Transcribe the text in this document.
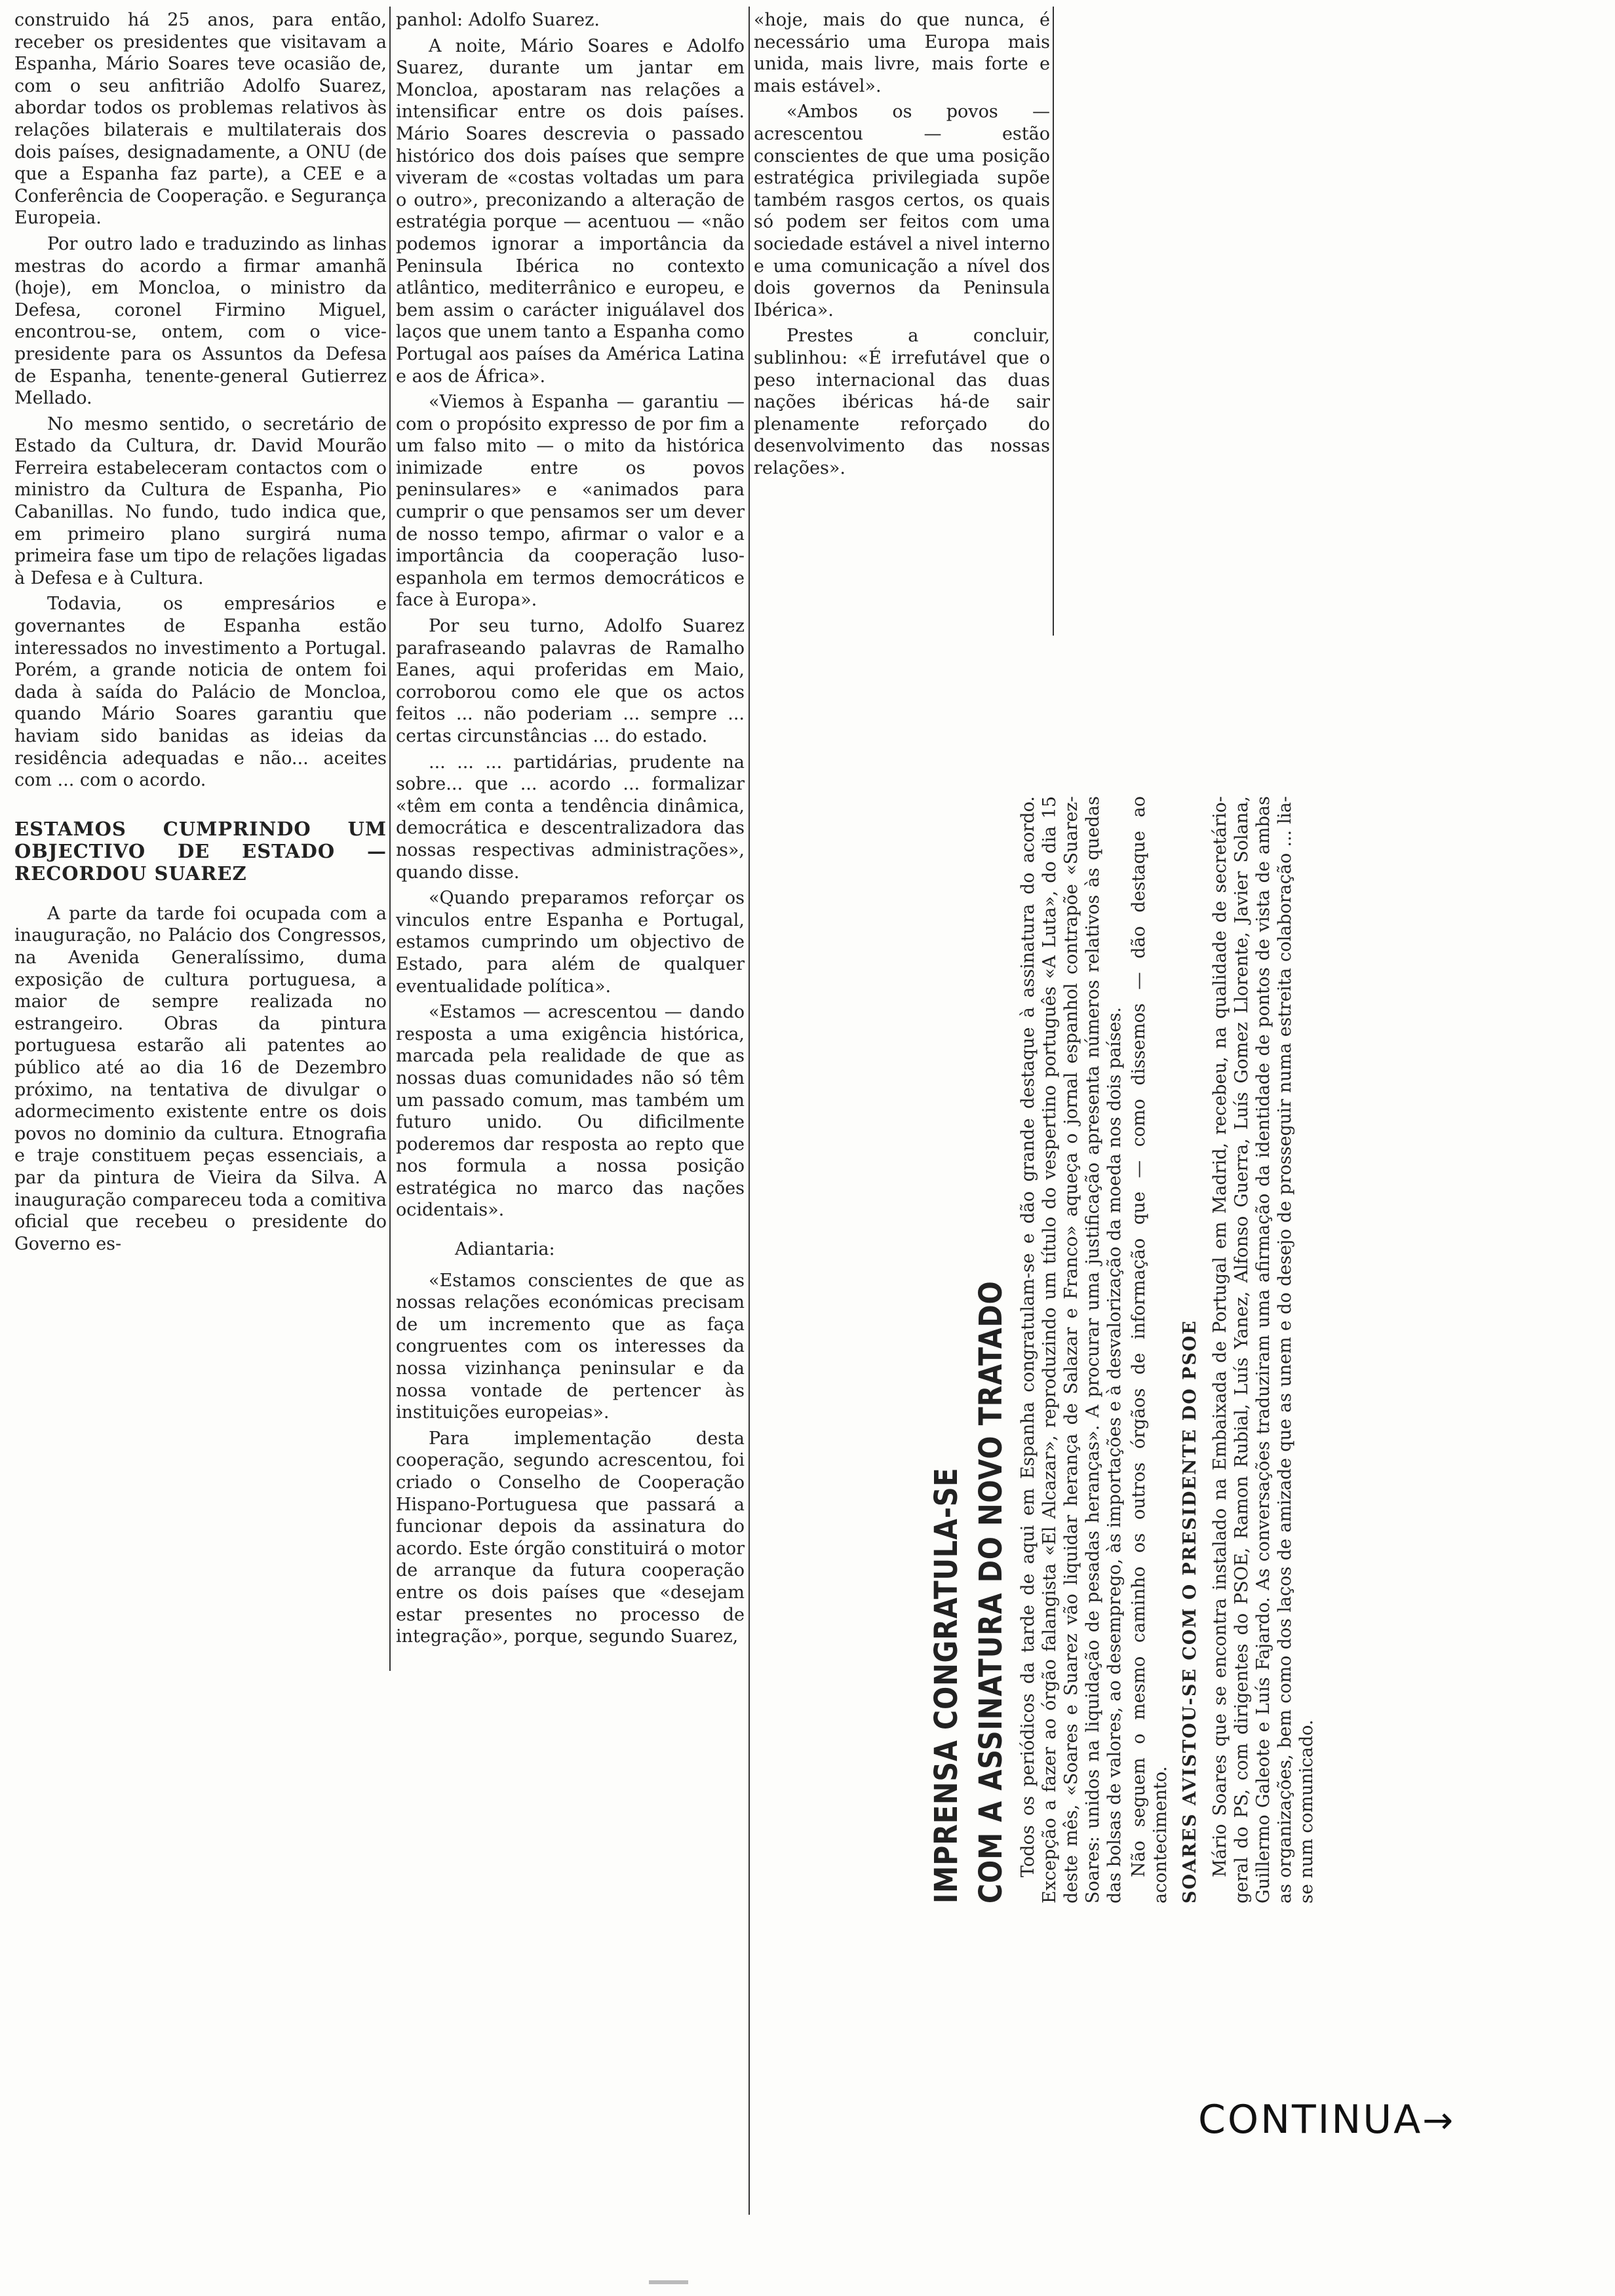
construido há 25 anos, para então, receber os presidentes que visitavam a Espanha, Mário Soares teve ocasião de, com o seu anfitrião Adolfo Suarez, abordar todos os problemas relativos às relações bilaterais e multilaterais dos dois países, designadamente, a ONU (de que a Espanha faz parte), a CEE e a Conferência de Cooperação. e Segurança Europeia.

Por outro lado e traduzindo as linhas mestras do acordo a firmar amanhã (hoje), em Moncloa, o ministro da Defesa, coronel Firmino Miguel, encontrou-se, ontem, com o vice-presidente para os Assuntos da Defesa de Espanha, tenente-general Gutierrez Mellado.

No mesmo sentido, o secretário de Estado da Cultura, dr. David Mourão Ferreira estabeleceram contactos com o ministro da Cultura de Espanha, Pio Cabanillas. No fundo, tudo indica que, em primeiro plano surgirá numa primeira fase um tipo de relações ligadas à Defesa e à Cultura.

Todavia, os empresários e governantes de Espanha estão interessados no investimento a Portugal. Porém, a grande noticia de ontem foi dada à saída do Palácio de Moncloa, quando Mário Soares garantiu que haviam sido banidas as ideias da residência adequadas e não... aceites com ... com o acordo.

ESTAMOS CUMPRINDO UM OBJECTIVO DE ESTADO — RECORDOU SUAREZ

A parte da tarde foi ocupada com a inauguração, no Palácio dos Congressos, na Avenida Generalíssimo, duma exposição de cultura portuguesa, a maior de sempre realizada no estrangeiro. Obras da pintura portuguesa estarão ali patentes ao público até ao dia 16 de Dezembro próximo, na tentativa de divulgar o adormecimento existente entre os dois povos no dominio da cultura. Etnografia e traje constituem peças essenciais, a par da pintura de Vieira da Silva. A inauguração compareceu toda a comitiva oficial que recebeu o presidente do Governo es-

panhol: Adolfo Suarez.

A noite, Mário Soares e Adolfo Suarez, durante um jantar em Moncloa, apostaram nas relações a intensificar entre os dois países. Mário Soares descrevia o passado histórico dos dois países que sempre viveram de «costas voltadas um para o outro», preconizando a alteração de estratégia porque — acentuou — «não podemos ignorar a importância da Peninsula Ibérica no contexto atlântico, mediterrânico e europeu, e bem assim o carácter iniguálavel dos laços que unem tanto a Espanha como Portugal aos países da América Latina e aos de África».

«Viemos à Espanha — garantiu — com o propósito expresso de por fim a um falso mito — o mito da histórica inimizade entre os povos peninsulares» e «animados para cumprir o que pensamos ser um dever de nosso tempo, afirmar o valor e a importância da cooperação luso-espanhola em termos democráticos e face à Europa».

Por seu turno, Adolfo Suarez parafraseando palavras de Ramalho Eanes, aqui proferidas em Maio, corroborou como ele que os actos feitos ... não poderiam ... sempre ... certas circunstâncias ... do estado.

... ... ... partidárias, prudente na sobre... que ... acordo ... formalizar «têm em conta a tendência dinâmica, democrática e descentralizadora das nossas respectivas administrações», quando disse.

«Quando preparamos reforçar os vinculos entre Espanha e Portugal, estamos cumprindo um objectivo de Estado, para além de qualquer eventualidade política».

«Estamos — acrescentou — dando resposta a uma exigência histórica, marcada pela realidade de que as nossas duas comunidades não só têm um passado comum, mas também um futuro unido. Ou dificilmente poderemos dar resposta ao repto que nos formula a nossa posição estratégica no marco das nações ocidentais».

Adiantaria:

«Estamos conscientes de que as nossas relações económicas precisam de um incremento que as faça congruentes com os interesses da nossa vizinhança peninsular e da nossa vontade de pertencer às instituições europeias».

Para implementação desta cooperação, segundo acrescentou, foi criado o Conselho de Cooperação Hispano-Portuguesa que passará a funcionar depois da assinatura do acordo. Este órgão constituirá o motor de arranque da futura cooperação entre os dois países que «desejam estar presentes no processo de integração», porque, segundo Suarez,

«hoje, mais do que nunca, é necessário uma Europa mais unida, mais livre, mais forte e mais estável».

«Ambos os povos — acrescentou — estão conscientes de que uma posição estratégica privilegiada supõe também rasgos certos, os quais só podem ser feitos com uma sociedade estável a nivel interno e uma comunicação a nível dos dois governos da Peninsula Ibérica».

Prestes a concluir, sublinhou: «É irrefutável que o peso internacional das duas nações ibéricas há-de sair plenamente reforçado do desenvolvimento das nossas relações».

IMPRENSA CONGRATULA-SE COM A ASSINATURA DO NOVO TRATADO Todos os periódicos da tarde de aqui em Espanha congratulam-se e dão grande destaque à assinatura do acordo. Excepção a fazer ao órgão falangista «El Alcazar», reproduzindo um título do vespertino português «A Luta», do dia 15 deste mês, «Soares e Suarez vão liquidar herança de Salazar e Franco» aqueça o jornal espanhol contrapõe «Suarez-Soares: unidos na liquidação de pesadas heranças». A procurar uma justificação apresenta números relativos às quedas das bolsas de valores, ao desemprego, às importações e à desvalorização da moeda nos dois países. Não seguem o mesmo caminho os outros órgãos de informação que — como dissemos — dão destaque ao acontecimento. SOARES AVISTOU-SE COM O PRESIDENTE DO PSOE Mário Soares que se encontra instalado na Embaixada de Portugal em Madrid, recebeu, na qualidade de secretário-geral do PS, com dirigentes do PSOE, Ramon Rubial, Luís Yanez, Alfonso Guerra, Luís Gomez Llorente, Javier Solana, Guillermo Galeote e Luís Fajardo. As conversações traduziram uma afirmação da identidade de pontos de vista de ambas as organizações, bem como dos laços de amizade que as unem e do desejo de prosseguir numa estreita colaboração ... lia-se num comunicado.

CONTINUA→
